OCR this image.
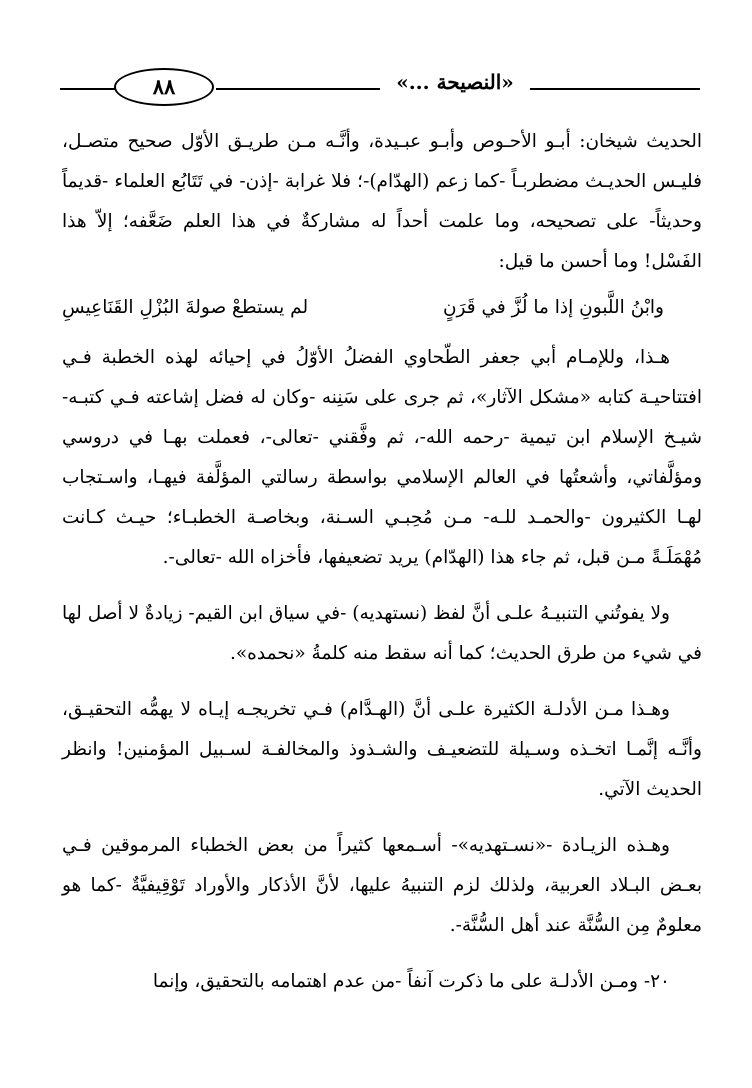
٨٨	«النصيحة ...»

الحديث شيخان: أبـو الأحـوص وأبـو عبـيدة، وأنَّـه مـن طريـق الأوّل صحيح متصـل، فليـس الحديـث مضطربـاً -كما زعم (الهدّام)-؛ فلا غرابة -إذن- في تَتَابُع العلماء -قديماً وحديثاً- على تصحيحه، وما علمت أحداً له مشاركةٌ في هذا العلم ضَعَّفه؛ إلاّ هذا الفَسْل! وما أحسن ما قيل:

وابْنُ اللَّبونِ إذا ما لُزَّ في قَرَنٍ
لم يستطعْ صولةَ البُزْلِ القَنَاعِيسِ

هـذا، وللإمـام أبي جعفر الطّحاوي الفضلُ الأوّلُ في إحيائه لهذه الخطبة فـي افتتاحيـة كتابه «مشكل الآثار»، ثم جرى على سَنِنه -وكان له فضل إشاعته فـي كتبـه- شيـخ الإسلام ابن تيمية -رحمه الله-، ثم وفَّقني -تعالى-، فعملت بهـا في دروسي ومؤلَّفاتي، وأشعتُها في العالم الإسلامي بواسطة رسالتي المؤلَّفة فيهـا، واسـتجاب لهـا الكثيرون -والحمـد للـه- مـن مُحِبـي السـنة، وبخاصـة الخطبـاء؛ حيـث كـانت مُهْمَلَـةً مـن قبل، ثم جاء هذا (الهدّام) يريد تضعيفها، فأخزاه الله -تعالى-.

ولا يفوتُني التنبيـهُ علـى أنَّ لفظ (نستهديه) -في سياق ابن القيم- زيادةٌ لا أصل لها في شيء من طرق الحديث؛ كما أنه سقط منه كلمةُ «نحمده».

وهـذا مـن الأدلـة الكثيرة علـى أنَّ (الهـدَّام) فـي تخريجـه إيـاه لا يهمُّه التحقيـق، وأنَّـه إنَّمـا اتخـذه وسـيلة للتضعيـف والشـذوذ والمخالفـة لسـبيل المؤمنين! وانظر الحديث الآتي.

وهـذه الزيـادة -«نسـتهديه»- أسـمعها كثيراً من بعض الخطباء المرموقين فـي بعـض البـلاد العربية، ولذلك لزم التنبيهُ عليها، لأنَّ الأذكار والأوراد تَوْقِيفيَّةٌ -كما هو معلومٌ مِن السُّنَّة عند أهل السُّنَّة-.

٢٠- ومـن الأدلـة على ما ذكرت آنفاً -من عدم اهتمامه بالتحقيق، وإنما
